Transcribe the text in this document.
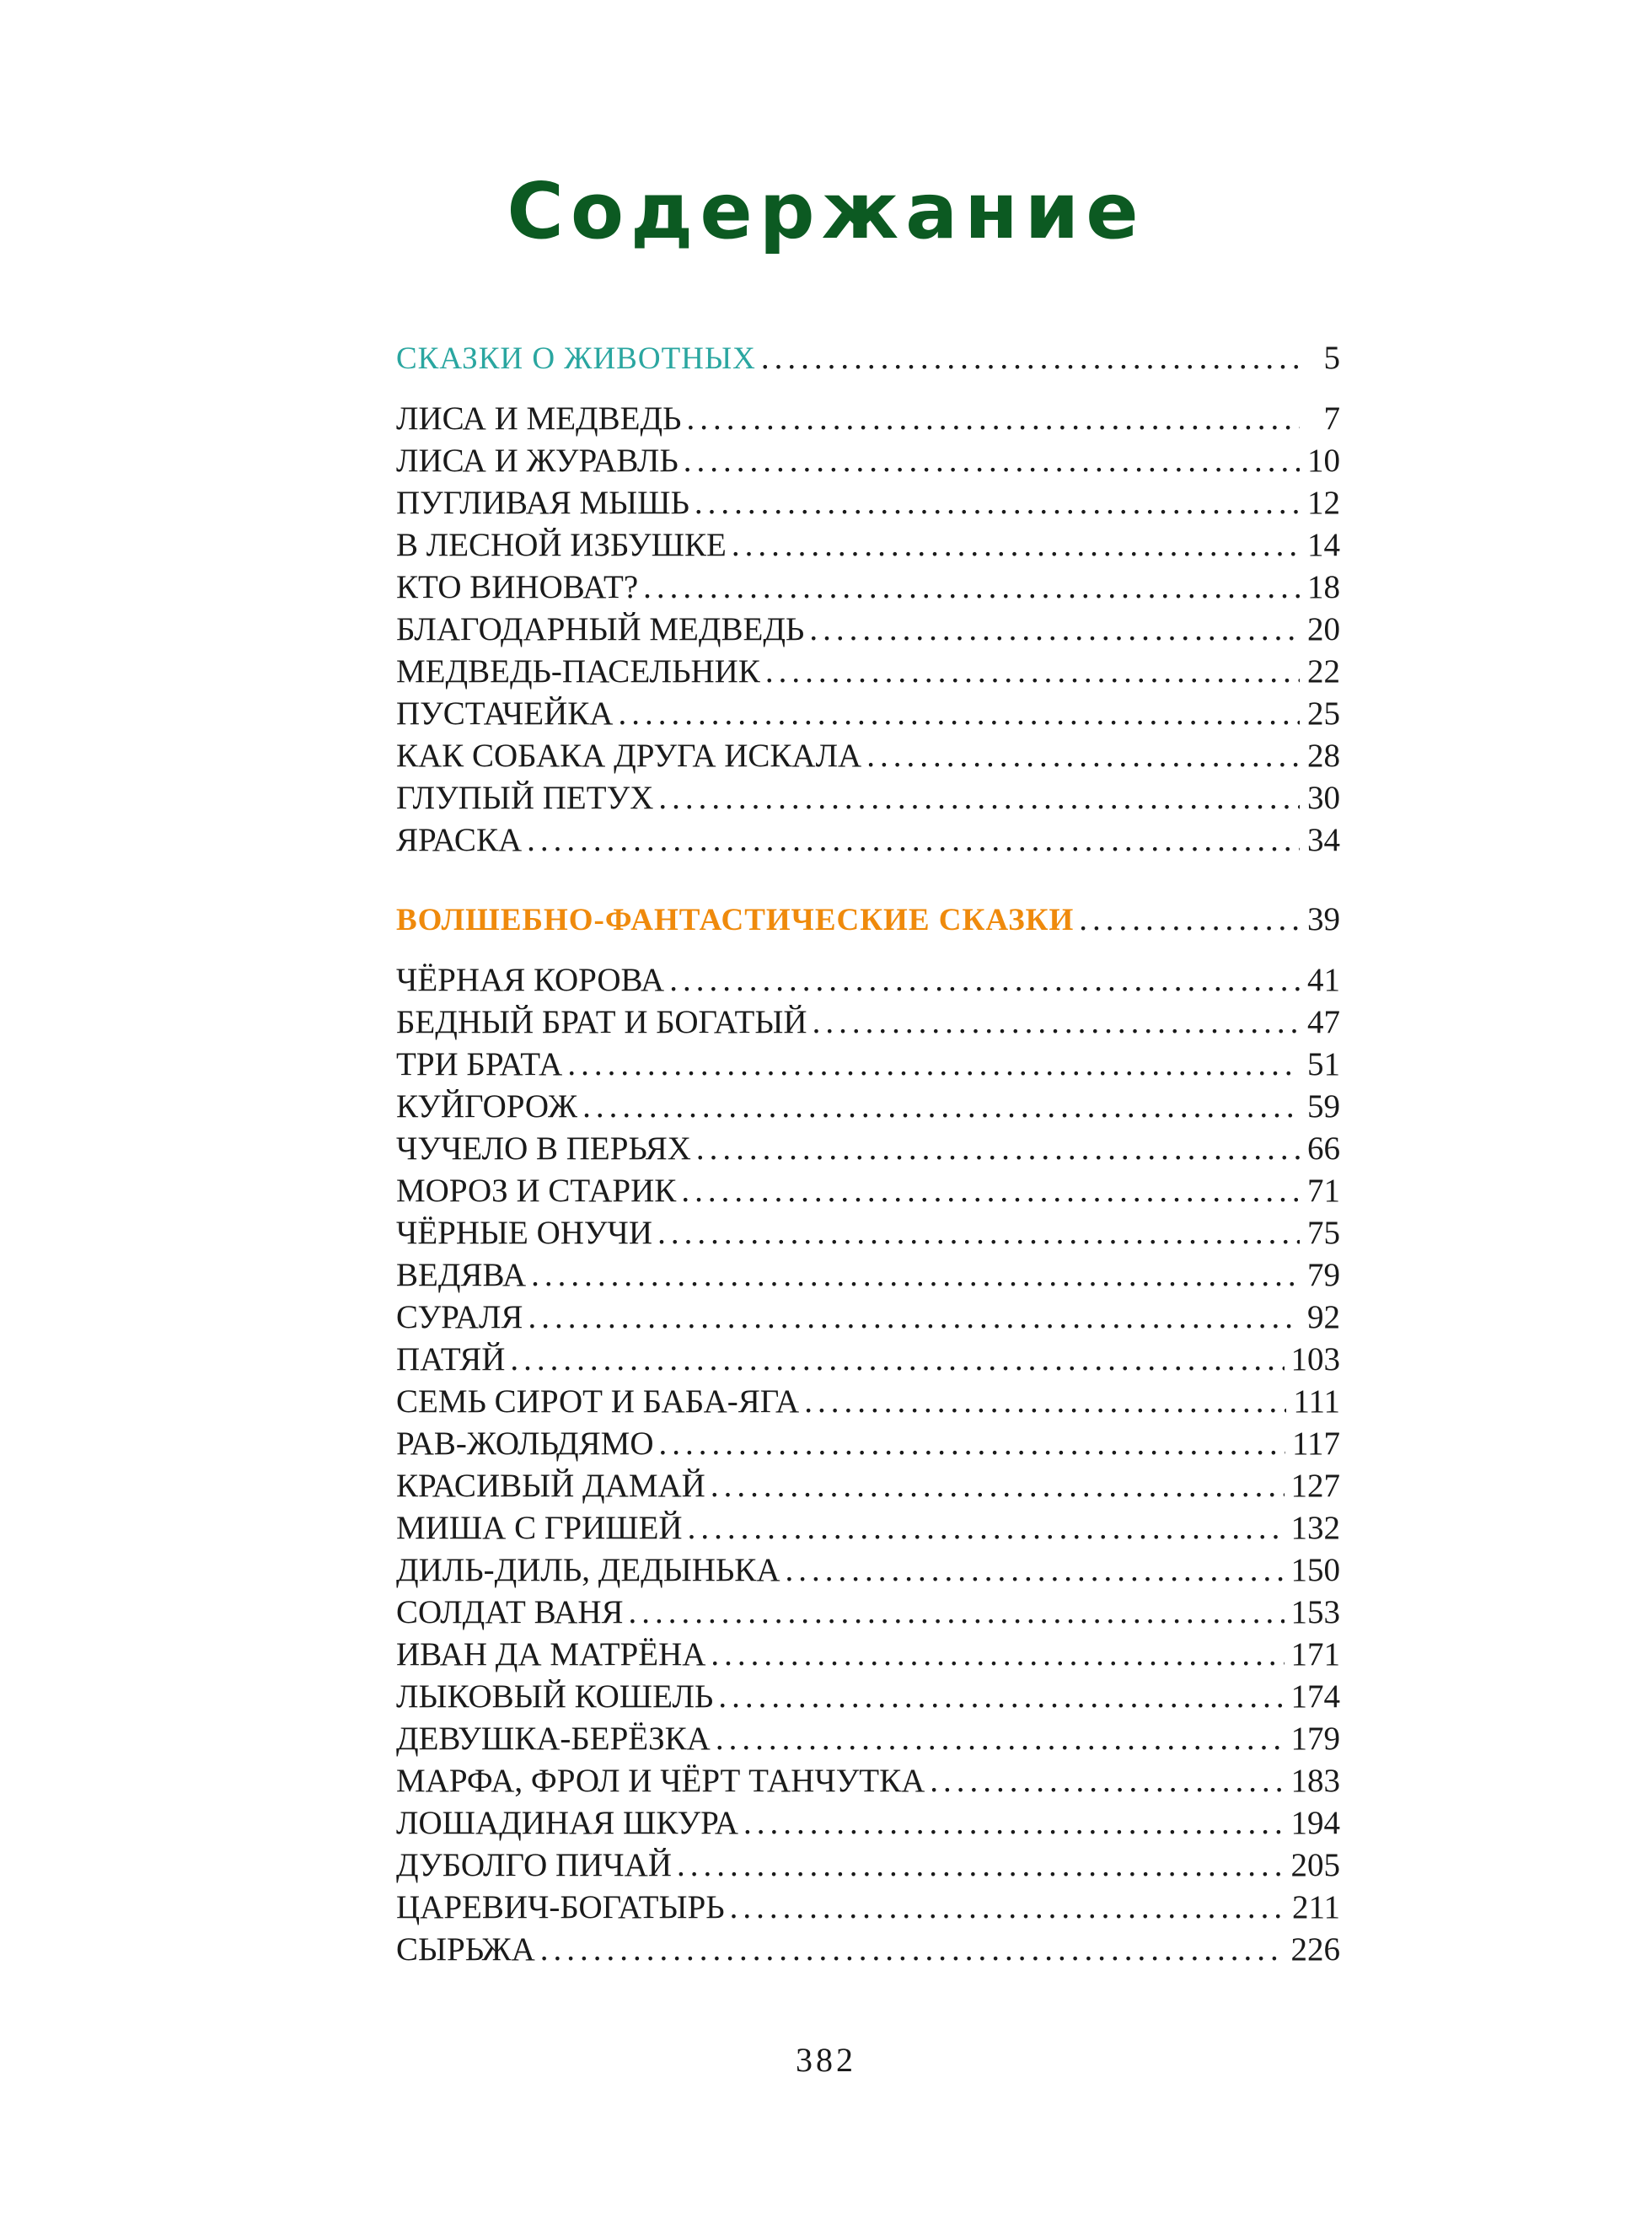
Содержание
СКАЗКИ О ЖИВОТНЫХ .....	5
ЛИСА И МЕДВЕДЬ .....	7
ЛИСА И ЖУРАВЛЬ .....	10
ПУГЛИВАЯ МЫШЬ .....	12
В ЛЕСНОЙ ИЗБУШКЕ .....	14
КТО ВИНОВАТ? .....	18
БЛАГОДАРНЫЙ МЕДВЕДЬ .....	20
МЕДВЕДЬ-ПАСЕЛЬНИК .....	22
ПУСТАЧЕЙКА .....	25
КАК СОБАКА ДРУГА ИСКАЛА .....	28
ГЛУПЫЙ ПЕТУХ .....	30
ЯРАСКА .....	34
ВОЛШЕБНО-ФАНТАСТИЧЕСКИЕ СКАЗКИ .....	39
ЧЁРНАЯ КОРОВА .....	41
БЕДНЫЙ БРАТ И БОГАТЫЙ .....	47
ТРИ БРАТА .....	51
КУЙГОРОЖ .....	59
ЧУЧЕЛО В ПЕРЬЯХ .....	66
МОРОЗ И СТАРИК .....	71
ЧЁРНЫЕ ОНУЧИ .....	75
ВЕДЯВА .....	79
СУРАЛЯ .....	92
ПАТЯЙ .....	103
СЕМЬ СИРОТ И БАБА-ЯГА .....	111
РАВ-ЖОЛЬДЯМО .....	117
КРАСИВЫЙ ДАМАЙ .....	127
МИША С ГРИШЕЙ .....	132
ДИЛЬ-ДИЛЬ, ДЕДЫНЬКА .....	150
СОЛДАТ ВАНЯ .....	153
ИВАН ДА МАТРЁНА .....	171
ЛЫКОВЫЙ КОШЕЛЬ .....	174
ДЕВУШКА-БЕРЁЗКА .....	179
МАРФА, ФРОЛ И ЧЁРТ ТАНЧУТКА .....	183
ЛОШАДИНАЯ ШКУРА .....	194
ДУБОЛГО ПИЧАЙ .....	205
ЦАРЕВИЧ-БОГАТЫРЬ .....	211
СЫРЬЖА .....	226
382
